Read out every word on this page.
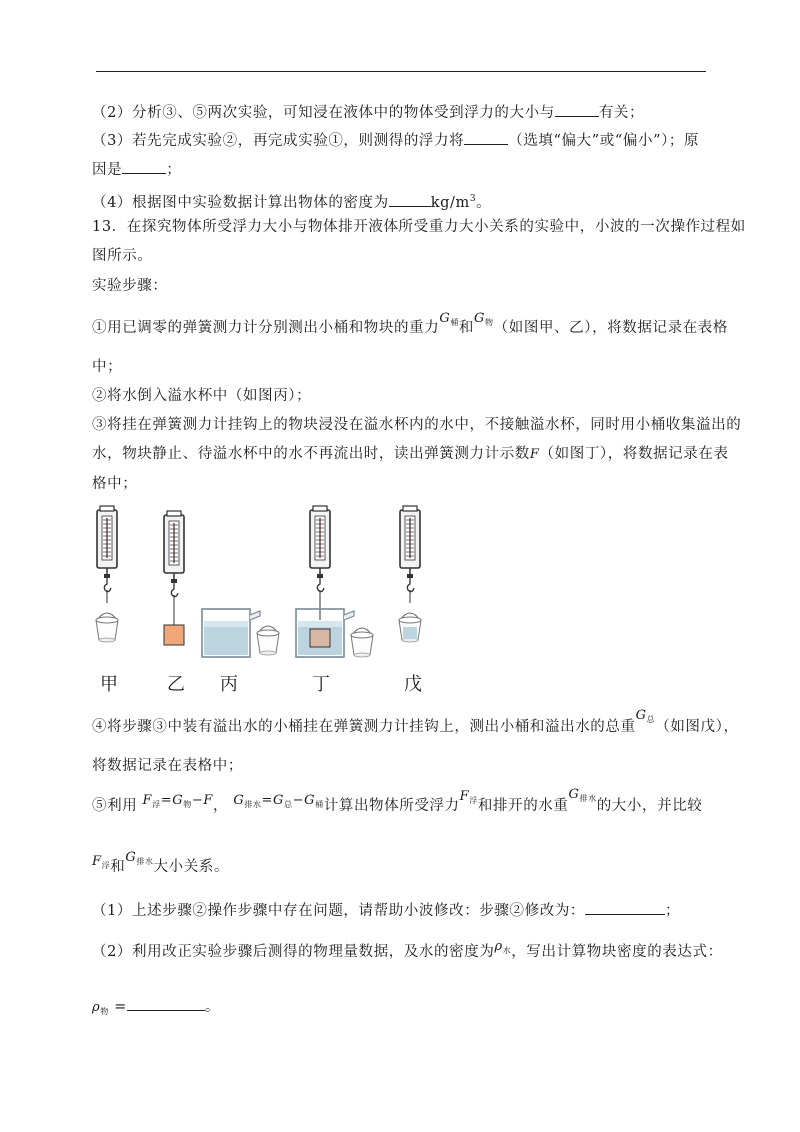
（2）分析③、⑤两次实验，可知浸在液体中的物体受到浮力的大小与	有关；
（3）若先完成实验②，再完成实验①，则测得的浮力将	（选填“偏大”或“偏小”）；原
因是	；
（4）根据图中实验数据计算出物体的密度为	$kg/m^3$。
13．在探究物体所受浮力大小与物体排开液体所受重力大小关系的实验中，小波的一次操作过程如
图所示。
实验步骤：
①用已调零的弹簧测力计分别测出小桶和物块的重力$G_桶$和$G_物$（如图甲、乙），将数据记录在表格
中；
②将水倒入溢水杯中（如图丙）；
③将挂在弹簧测力计挂钩上的物块浸没在溢水杯内的水中，不接触溢水杯，同时用小桶收集溢出的
水，物块静止、待溢水杯中的水不再流出时，读出弹簧测力计示数F（如图丁），将数据记录在表
格中；
甲	乙 丙	丁	戊
④将步骤③中装有溢出水的小桶挂在弹簧测力计挂钩上，测出小桶和溢出水的总重$G_总$（如图戊），
将数据记录在表格中；
⑤利用 $F_浮=G_物-F$， $G_{排水}=G_总-G_桶$计算出物体所受浮力$F_浮$和排开的水重$G_{排水}$的大小，并比较
$F_浮$和$G_{排水}$大小关系。
（1）上述步骤②操作步骤中存在问题，请帮助小波修改：步骤②修改为：	；
（2）利用改正实验步骤后测得的物理量数据，及水的密度为$\rho_水$，写出计算物块密度的表达式：
$\rho_物$ =	。
